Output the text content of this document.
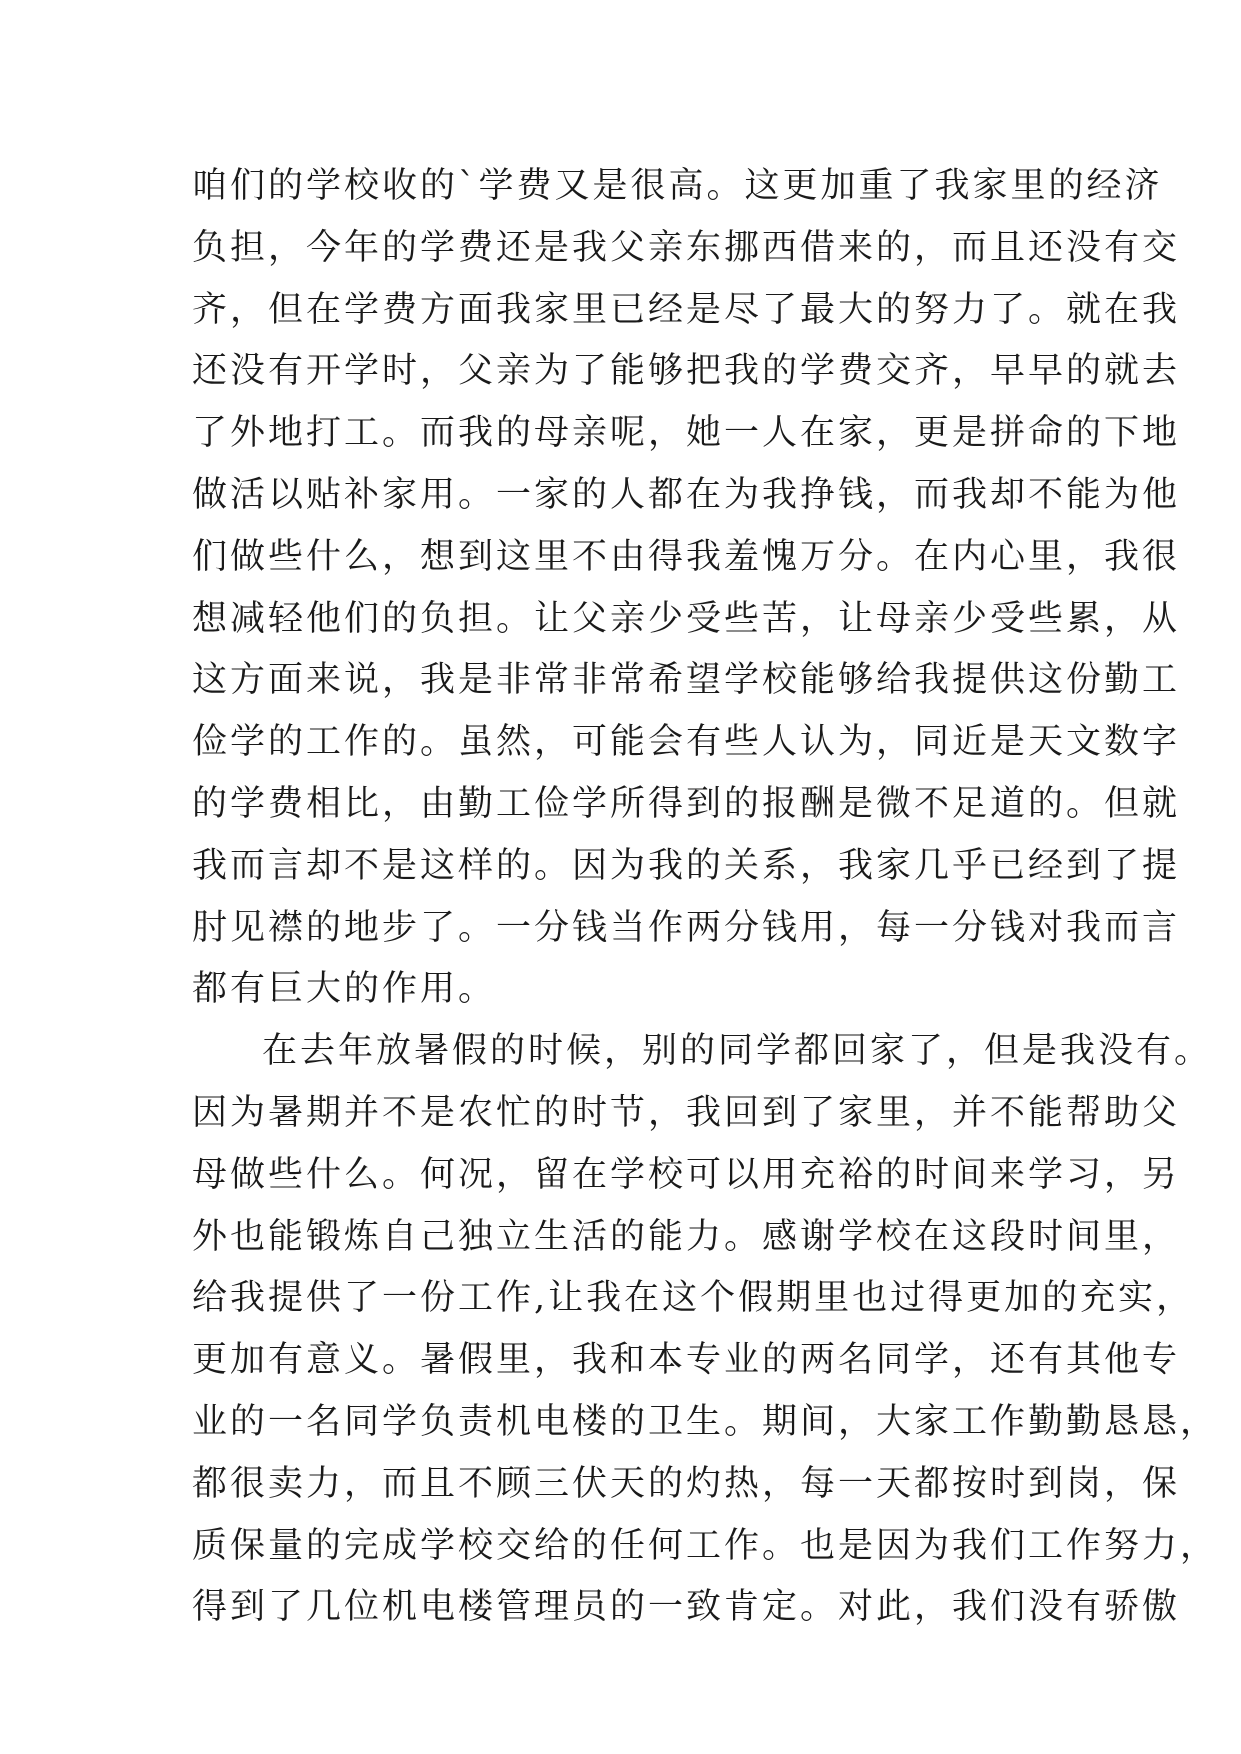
咱们的学校收的`学费又是很高。这更加重了我家里的经济
负担，今年的学费还是我父亲东挪西借来的，而且还没有交
齐，但在学费方面我家里已经是尽了最大的努力了。就在我
还没有开学时，父亲为了能够把我的学费交齐，早早的就去
了外地打工。而我的母亲呢，她一人在家，更是拼命的下地
做活以贴补家用。一家的人都在为我挣钱，而我却不能为他
们做些什么，想到这里不由得我羞愧万分。在内心里，我很
想减轻他们的负担。让父亲少受些苦，让母亲少受些累，从
这方面来说，我是非常非常希望学校能够给我提供这份勤工
俭学的工作的。虽然，可能会有些人认为，同近是天文数字
的学费相比，由勤工俭学所得到的报酬是微不足道的。但就
我而言却不是这样的。因为我的关系，我家几乎已经到了提
肘见襟的地步了。一分钱当作两分钱用，每一分钱对我而言
都有巨大的作用。
在去年放暑假的时候，别的同学都回家了，但是我没有。
因为暑期并不是农忙的时节，我回到了家里，并不能帮助父
母做些什么。何况，留在学校可以用充裕的时间来学习，另
外也能锻炼自己独立生活的能力。感谢学校在这段时间里，
给我提供了一份工作,让我在这个假期里也过得更加的充实，
更加有意义。暑假里，我和本专业的两名同学，还有其他专
业的一名同学负责机电楼的卫生。期间，大家工作勤勤恳恳，
都很卖力，而且不顾三伏天的灼热，每一天都按时到岗，保
质保量的完成学校交给的任何工作。也是因为我们工作努力，
得到了几位机电楼管理员的一致肯定。对此，我们没有骄傲
